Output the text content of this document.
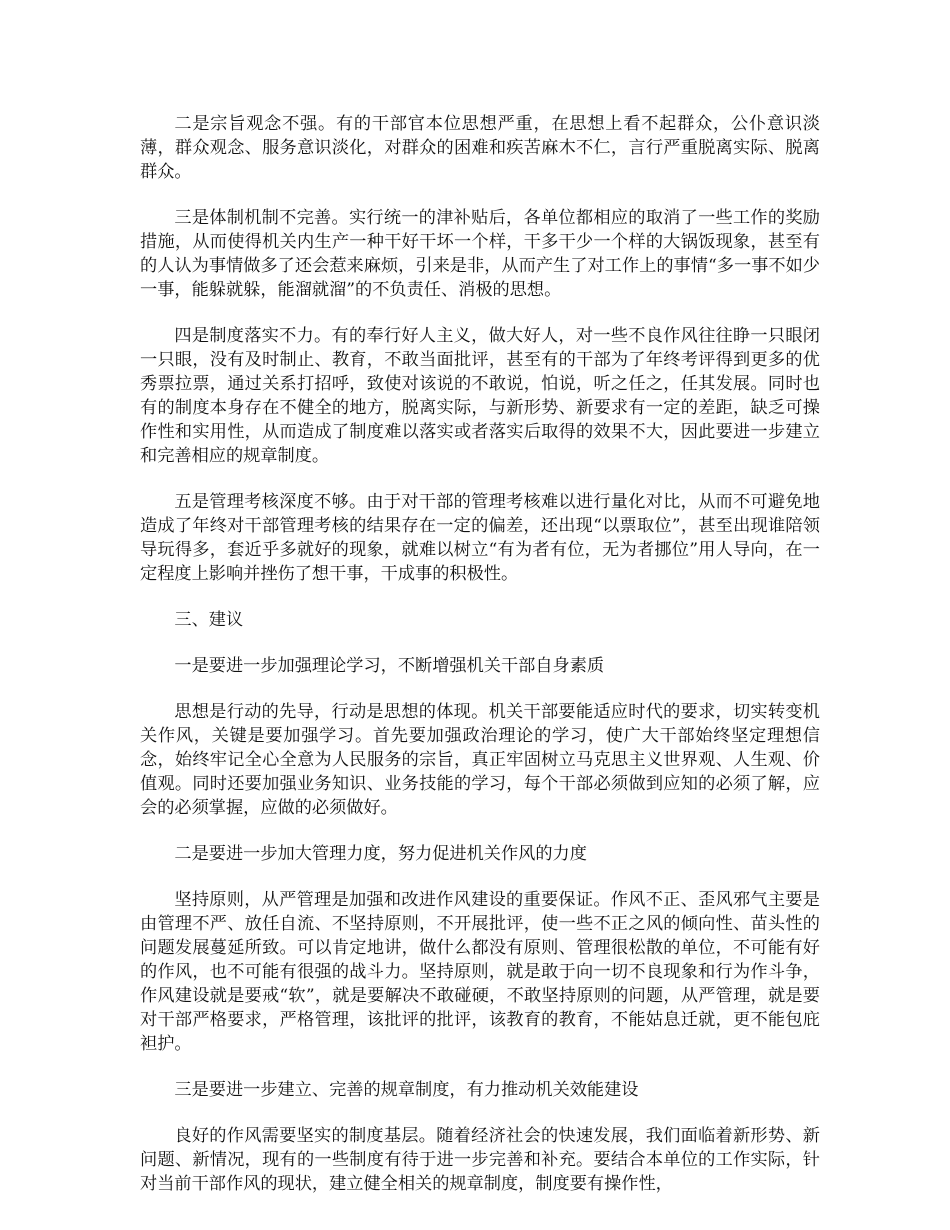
二是宗旨观念不强。有的干部官本位思想严重，在思想上看不起群众，公仆意识淡薄，群众观念、服务意识淡化，对群众的困难和疾苦麻木不仁，言行严重脱离实际、脱离群众。

三是体制机制不完善。实行统一的津补贴后，各单位都相应的取消了一些工作的奖励措施，从而使得机关内生产一种干好干坏一个样，干多干少一个样的大锅饭现象，甚至有的人认为事情做多了还会惹来麻烦，引来是非，从而产生了对工作上的事情“多一事不如少一事，能躲就躲，能溜就溜”的不负责任、消极的思想。

四是制度落实不力。有的奉行好人主义，做大好人，对一些不良作风往往睁一只眼闭一只眼，没有及时制止、教育，不敢当面批评，甚至有的干部为了年终考评得到更多的优秀票拉票，通过关系打招呼，致使对该说的不敢说，怕说，听之任之，任其发展。同时也有的制度本身存在不健全的地方，脱离实际，与新形势、新要求有一定的差距，缺乏可操作性和实用性，从而造成了制度难以落实或者落实后取得的效果不大，因此要进一步建立和完善相应的规章制度。

五是管理考核深度不够。由于对干部的管理考核难以进行量化对比，从而不可避免地造成了年终对干部管理考核的结果存在一定的偏差，还出现“以票取位”，甚至出现谁陪领导玩得多，套近乎多就好的现象，就难以树立“有为者有位，无为者挪位”用人导向，在一定程度上影响并挫伤了想干事，干成事的积极性。

三、建议

一是要进一步加强理论学习，不断增强机关干部自身素质

思想是行动的先导，行动是思想的体现。机关干部要能适应时代的要求，切实转变机关作风，关键是要加强学习。首先要加强政治理论的学习，使广大干部始终坚定理想信念，始终牢记全心全意为人民服务的宗旨，真正牢固树立马克思主义世界观、人生观、价值观。同时还要加强业务知识、业务技能的学习，每个干部必须做到应知的必须了解，应会的必须掌握，应做的必须做好。

二是要进一步加大管理力度，努力促进机关作风的力度

坚持原则，从严管理是加强和改进作风建设的重要保证。作风不正、歪风邪气主要是由管理不严、放任自流、不坚持原则，不开展批评，使一些不正之风的倾向性、苗头性的问题发展蔓延所致。可以肯定地讲，做什么都没有原则、管理很松散的单位，不可能有好的作风，也不可能有很强的战斗力。坚持原则，就是敢于向一切不良现象和行为作斗争，作风建设就是要戒“软”，就是要解决不敢碰硬，不敢坚持原则的问题，从严管理，就是要对干部严格要求，严格管理，该批评的批评，该教育的教育，不能姑息迁就，更不能包庇袒护。

三是要进一步建立、完善的规章制度，有力推动机关效能建设

良好的作风需要坚实的制度基层。随着经济社会的快速发展，我们面临着新形势、新问题、新情况，现有的一些制度有待于进一步完善和补充。要结合本单位的工作实际，针对当前干部作风的现状，建立健全相关的规章制度，制度要有操作性，
